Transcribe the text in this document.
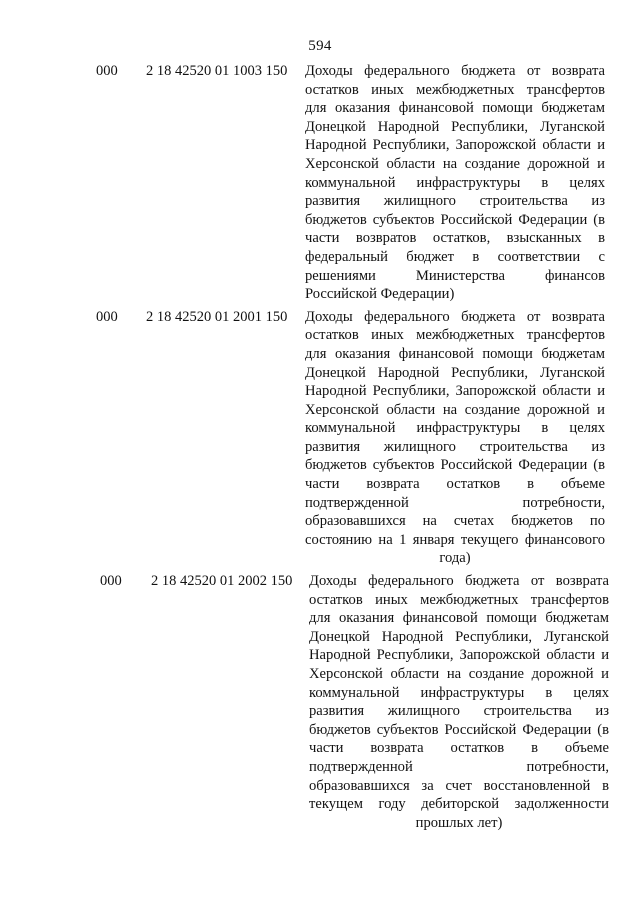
594
000 2 18 42520 01 1003 150 Доходы федерального бюджета от возврата
остатков иных межбюджетных трансфертов
для оказания финансовой помощи бюджетам
Донецкой Народной Республики, Луганской
Народной Республики, Запорожской области и
Херсонской области на создание дорожной и
коммунальной инфраструктуры в целях
развития жилищного строительства из
бюджетов субъектов Российской Федерации (в
части возвратов остатков, взысканных в
федеральный бюджет в соответствии с
решениями Министерства финансов
Российской Федерации)
000 2 18 42520 01 2001 150 Доходы федерального бюджета от возврата
остатков иных межбюджетных трансфертов
для оказания финансовой помощи бюджетам
Донецкой Народной Республики, Луганской
Народной Республики, Запорожской области и
Херсонской области на создание дорожной и
коммунальной инфраструктуры в целях
развития жилищного строительства из
бюджетов субъектов Российской Федерации (в
части возврата остатков в объеме
подтвержденной потребности,
образовавшихся на счетах бюджетов по
состоянию на 1 января текущего финансового
года)
000 2 18 42520 01 2002 150 Доходы федерального бюджета от возврата
остатков иных межбюджетных трансфертов
для оказания финансовой помощи бюджетам
Донецкой Народной Республики, Луганской
Народной Республики, Запорожской области и
Херсонской области на создание дорожной и
коммунальной инфраструктуры в целях
развития жилищного строительства из
бюджетов субъектов Российской Федерации (в
части возврата остатков в объеме
подтвержденной потребности,
образовавшихся за счет восстановленной в
текущем году дебиторской задолженности
прошлых лет)
